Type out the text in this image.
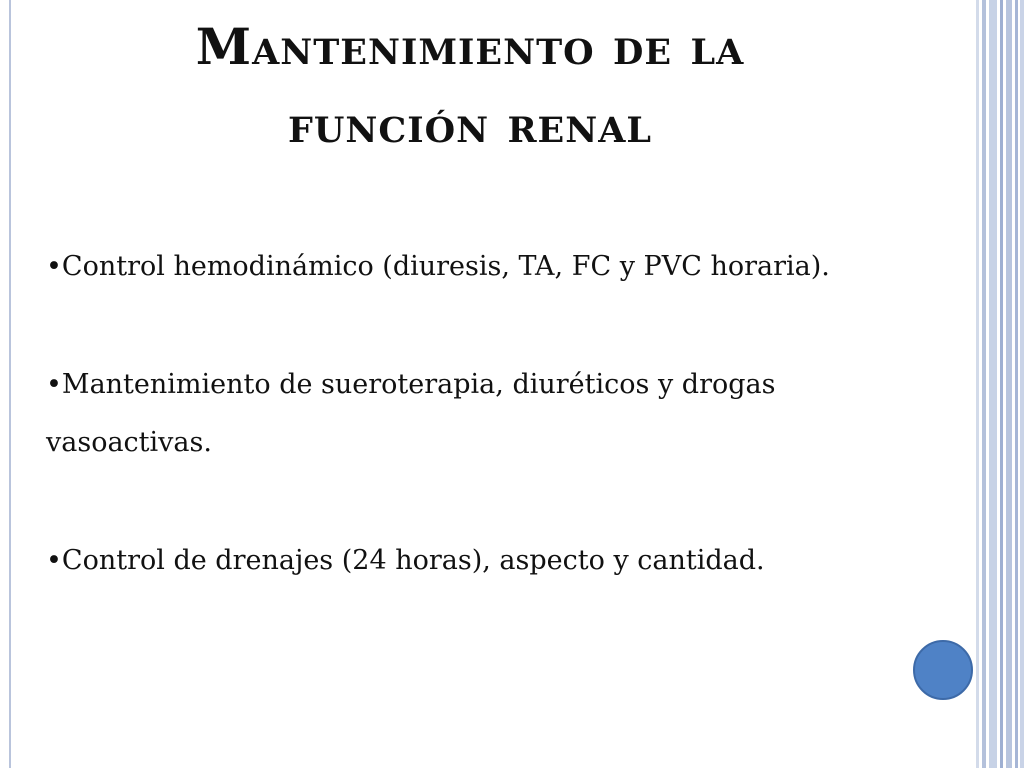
Mantenimiento de la
función renal

•Control hemodinámico (diuresis, TA, FC y PVC horaria).

•Mantenimiento de sueroterapia, diuréticos y drogas vasoactivas.

•Control de drenajes (24 horas), aspecto y cantidad.
